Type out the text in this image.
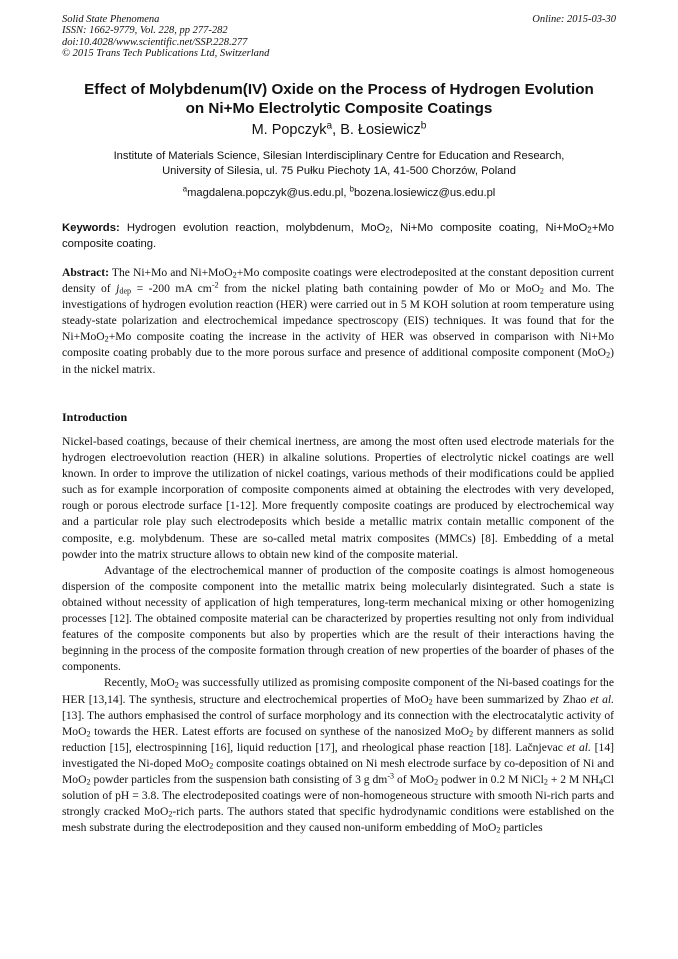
Solid State Phenomena
ISSN: 1662-9779, Vol. 228, pp 277-282
doi:10.4028/www.scientific.net/SSP.228.277
© 2015 Trans Tech Publications Ltd, Switzerland
Online: 2015-03-30
Effect of Molybdenum(IV) Oxide on the Process of Hydrogen Evolution
on Ni+Mo Electrolytic Composite Coatings
M. Popczyk$^a$, B. Łosiewicz$^b$
Institute of Materials Science, Silesian Interdisciplinary Centre for Education and Research,
University of Silesia, ul. 75 Pułku Piechoty 1A, 41-500 Chorzów, Poland
$^a$magdalena.popczyk@us.edu.pl, $^b$bozena.losiewicz@us.edu.pl
Keywords: Hydrogen evolution reaction, molybdenum, MoO$_2$, Ni+Mo composite coating, Ni+MoO$_2$+Mo composite coating.
Abstract: The Ni+Mo and Ni+MoO$_2$+Mo composite coatings were electrodeposited at the constant deposition current density of $j_{dep} = -200$ mA $cm^{-2}$ from the nickel plating bath containing powder of Mo or MoO$_2$ and Mo. The investigations of hydrogen evolution reaction (HER) were carried out in 5 M KOH solution at room temperature using steady-state polarization and electrochemical impedance spectroscopy (EIS) techniques. It was found that for the Ni+MoO$_2$+Mo composite coating the increase in the activity of HER was observed in comparison with Ni+Mo composite coating probably due to the more porous surface and presence of additional composite component (MoO$_2$) in the nickel matrix.
Introduction

Nickel-based coatings, because of their chemical inertness, are among the most often used electrode materials for the hydrogen electroevolution reaction (HER) in alkaline solutions. Properties of electrolytic nickel coatings are well known. In order to improve the utilization of nickel coatings, various methods of their modifications could be applied such as for example incorporation of composite components aimed at obtaining the electrodes with very developed, rough or porous electrode surface [1-12]. More frequently composite coatings are produced by electrochemical way and a particular role play such electrodeposits which beside a metallic matrix contain metallic component of the composite, e.g. molybdenum. These are so-called metal matrix composites (MMCs) [8]. Embedding of a metal powder into the matrix structure allows to obtain new kind of the composite material.

Advantage of the electrochemical manner of production of the composite coatings is almost homogeneous dispersion of the composite component into the metallic matrix being molecularly disintegrated. Such a state is obtained without necessity of application of high temperatures, long-term mechanical mixing or other homogenizing processes [12]. The obtained composite material can be characterized by properties resulting not only from individual features of the composite components but also by properties which are the result of their interactions having the beginning in the process of the composite formation through creation of new properties of the boarder of phases of the components.

Recently, MoO$_2$ was successfully utilized as promising composite component of the Ni-based coatings for the HER [13,14]. The synthesis, structure and electrochemical properties of MoO$_2$ have been summarized by Zhao et al. [13]. The authors emphasised the control of surface morphology and its connection with the electrocatalytic activity of MoO$_2$ towards the HER. Latest efforts are focused on synthese of the nanosized MoO$_2$ by different manners as solid reduction [15], electrospinning [16], liquid reduction [17], and rheological phase reaction [18]. Lačnjevac et al. [14] investigated the Ni-doped MoO$_2$ composite coatings obtained on Ni mesh electrode surface by co-deposition of Ni and MoO$_2$ powder particles from the suspension bath consisting of 3 g $dm^{-3}$ of MoO$_2$ podwer in 0.2 M NiCl$_2$ + 2 M $NH_4Cl$ solution of pH = 3.8. The electrodeposited coatings were of non-homogeneous structure with smooth Ni-rich parts and strongly cracked MoO$_2$-rich parts. The authors stated that specific hydrodynamic conditions were established on the mesh substrate during the electrodeposition and they caused non-uniform embedding of MoO$_2$ particles
